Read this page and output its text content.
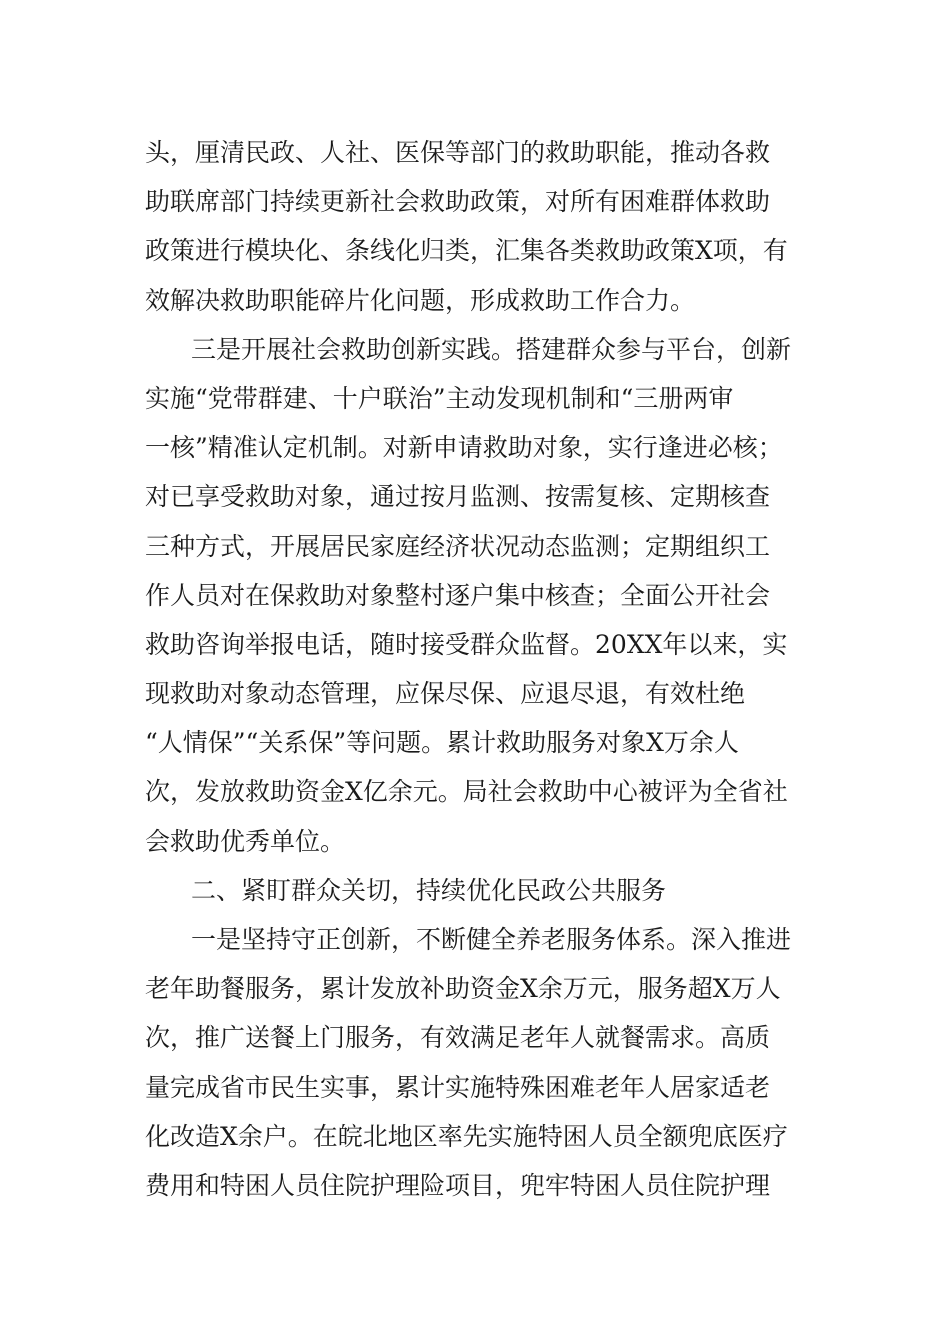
头，厘清民政、人社、医保等部门的救助职能，推动各救
助联席部门持续更新社会救助政策，对所有困难群体救助
政策进行模块化、条线化归类，汇集各类救助政策X项，有
效解决救助职能碎片化问题，形成救助工作合力。
三是开展社会救助创新实践。搭建群众参与平台，创新
实施“党带群建、十户联治”主动发现机制和“三册两审
一核”精准认定机制。对新申请救助对象，实行逢进必核；
对已享受救助对象，通过按月监测、按需复核、定期核查
三种方式，开展居民家庭经济状况动态监测；定期组织工
作人员对在保救助对象整村逐户集中核查；全面公开社会
救助咨询举报电话，随时接受群众监督。20XX年以来，实
现救助对象动态管理，应保尽保、应退尽退，有效杜绝
“人情保”“关系保”等问题。累计救助服务对象X万余人
次，发放救助资金X亿余元。局社会救助中心被评为全省社
会救助优秀单位。
二、紧盯群众关切，持续优化民政公共服务
一是坚持守正创新，不断健全养老服务体系。深入推进
老年助餐服务，累计发放补助资金X余万元，服务超X万人
次，推广送餐上门服务，有效满足老年人就餐需求。高质
量完成省市民生实事，累计实施特殊困难老年人居家适老
化改造X余户。在皖北地区率先实施特困人员全额兜底医疗
费用和特困人员住院护理险项目，兜牢特困人员住院护理
